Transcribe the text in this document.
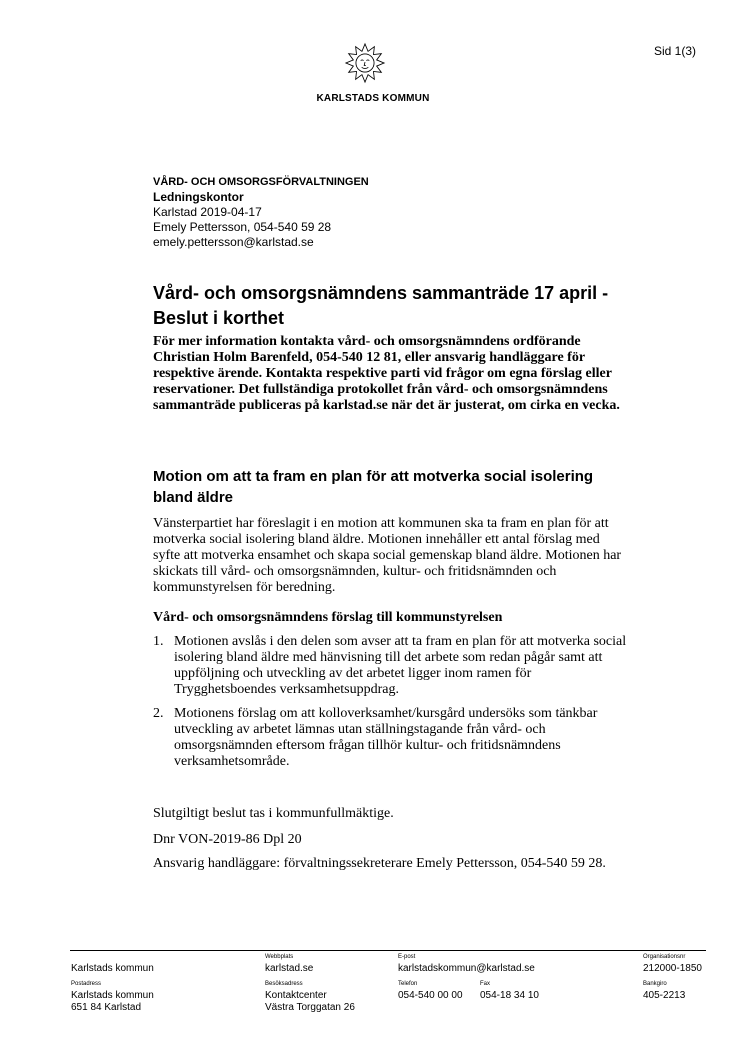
Sid 1(3)
KARLSTADS KOMMUN
VÅRD- OCH OMSORGSFÖRVALTNINGEN
Ledningskontor
Karlstad 2019-04-17
Emely Pettersson, 054-540 59 28
emely.pettersson@karlstad.se
Vård- och omsorgsnämndens sammanträde 17 april - Beslut i korthet
För mer information kontakta vård- och omsorgsnämndens ordförande Christian Holm Barenfeld, 054-540 12 81, eller ansvarig handläggare för respektive ärende. Kontakta respektive parti vid frågor om egna förslag eller reservationer. Det fullständiga protokollet från vård- och omsorgsnämndens sammanträde publiceras på karlstad.se när det är justerat, om cirka en vecka.
Motion om att ta fram en plan för att motverka social isolering bland äldre
Vänsterpartiet har föreslagit i en motion att kommunen ska ta fram en plan för att motverka social isolering bland äldre. Motionen innehåller ett antal förslag med syfte att motverka ensamhet och skapa social gemenskap bland äldre. Motionen har skickats till vård- och omsorgsnämnden, kultur- och fritidsnämnden och kommunstyrelsen för beredning.
Vård- och omsorgsnämndens förslag till kommunstyrelsen
1. Motionen avslås i den delen som avser att ta fram en plan för att motverka social isolering bland äldre med hänvisning till det arbete som redan pågår samt att uppföljning och utveckling av det arbetet ligger inom ramen för Trygghetsboendes verksamhetsuppdrag.
2. Motionens förslag om att kolloverksamhet/kursgård undersöks som tänkbar utveckling av arbetet lämnas utan ställningstagande från vård- och omsorgsnämnden eftersom frågan tillhör kultur- och fritidsnämndens verksamhetsområde.
Slutgiltigt beslut tas i kommunfullmäktige.
Dnr VON-2019-86 Dpl 20
Ansvarig handläggare: förvaltningssekreterare Emely Pettersson, 054-540 59 28.
Karlstads kommun
Webbplats
karlstad.se
E-post
karlstadskommun@karlstad.se
Organisationsnr
212000-1850
Postadress
Karlstads kommun
651 84 Karlstad
Besöksadress
Kontaktcenter
Västra Torggatan 26
Telefon
054-540 00 00
Fax
054-18 34 10
Bankgiro
405-2213
